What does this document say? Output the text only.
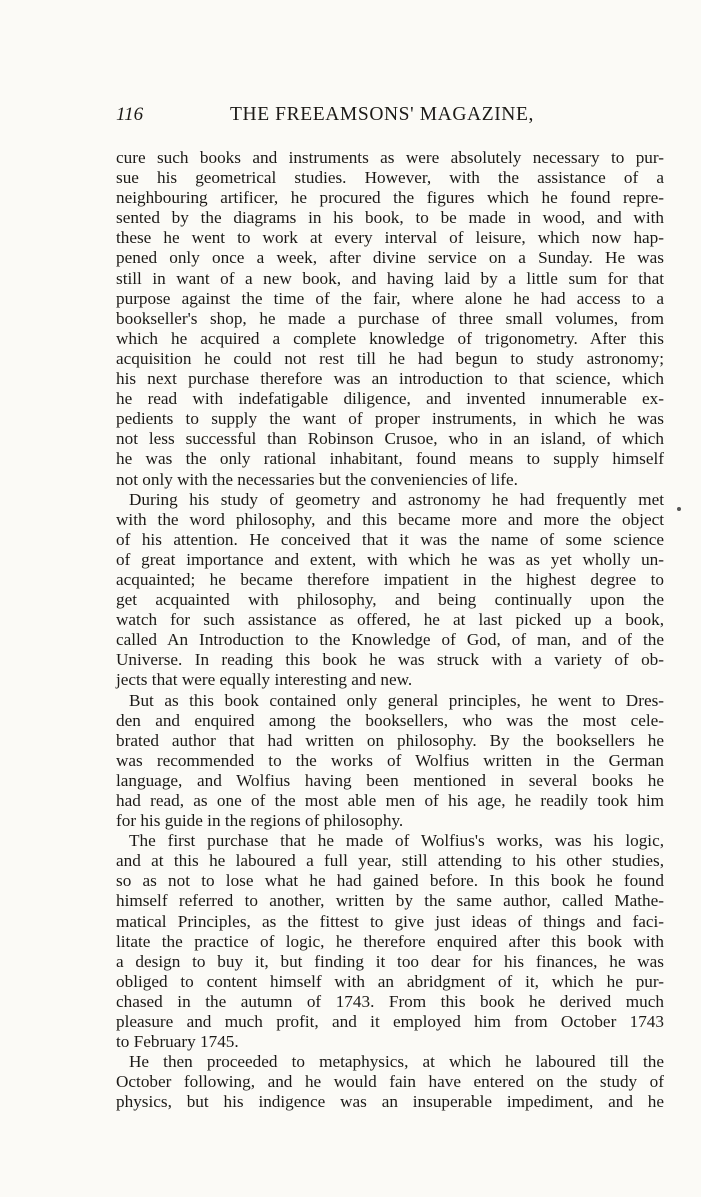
116	THE FREEAMSONS' MAGAZINE,
cure such books and instruments as were absolutely necessary to pur-
sue his geometrical studies. However, with the assistance of a
neighbouring artificer, he procured the figures which he found repre-
sented by the diagrams in his book, to be made in wood, and with
these he went to work at every interval of leisure, which now hap-
pened only once a week, after divine service on a Sunday. He was
still in want of a new book, and having laid by a little sum for that
purpose against the time of the fair, where alone he had access to a
bookseller's shop, he made a purchase of three small volumes, from
which he acquired a complete knowledge of trigonometry. After this
acquisition he could not rest till he had begun to study astronomy;
his next purchase therefore was an introduction to that science, which
he read with indefatigable diligence, and invented innumerable ex-
pedients to supply the want of proper instruments, in which he was
not less successful than Robinson Crusoe, who in an island, of which
he was the only rational inhabitant, found means to supply himself
not only with the necessaries but the conveniencies of life.
During his study of geometry and astronomy he had frequently met
with the word philosophy, and this became more and more the object
of his attention. He conceived that it was the name of some science
of great importance and extent, with which he was as yet wholly un-
acquainted; he became therefore impatient in the highest degree to
get acquainted with philosophy, and being continually upon the
watch for such assistance as offered, he at last picked up a book,
called An Introduction to the Knowledge of God, of man, and of the
Universe. In reading this book he was struck with a variety of ob-
jects that were equally interesting and new.
But as this book contained only general principles, he went to Dres-
den and enquired among the booksellers, who was the most cele-
brated author that had written on philosophy. By the booksellers he
was recommended to the works of Wolfius written in the German
language, and Wolfius having been mentioned in several books he
had read, as one of the most able men of his age, he readily took him
for his guide in the regions of philosophy.
The first purchase that he made of Wolfius's works, was his logic,
and at this he laboured a full year, still attending to his other studies,
so as not to lose what he had gained before. In this book he found
himself referred to another, written by the same author, called Mathe-
matical Principles, as the fittest to give just ideas of things and faci-
litate the practice of logic, he therefore enquired after this book with
a design to buy it, but finding it too dear for his finances, he was
obliged to content himself with an abridgment of it, which he pur-
chased in the autumn of 1743. From this book he derived much
pleasure and much profit, and it employed him from October 1743
to February 1745.
He then proceeded to metaphysics, at which he laboured till the
October following, and he would fain have entered on the study of
physics, but his indigence was an insuperable impediment, and he
